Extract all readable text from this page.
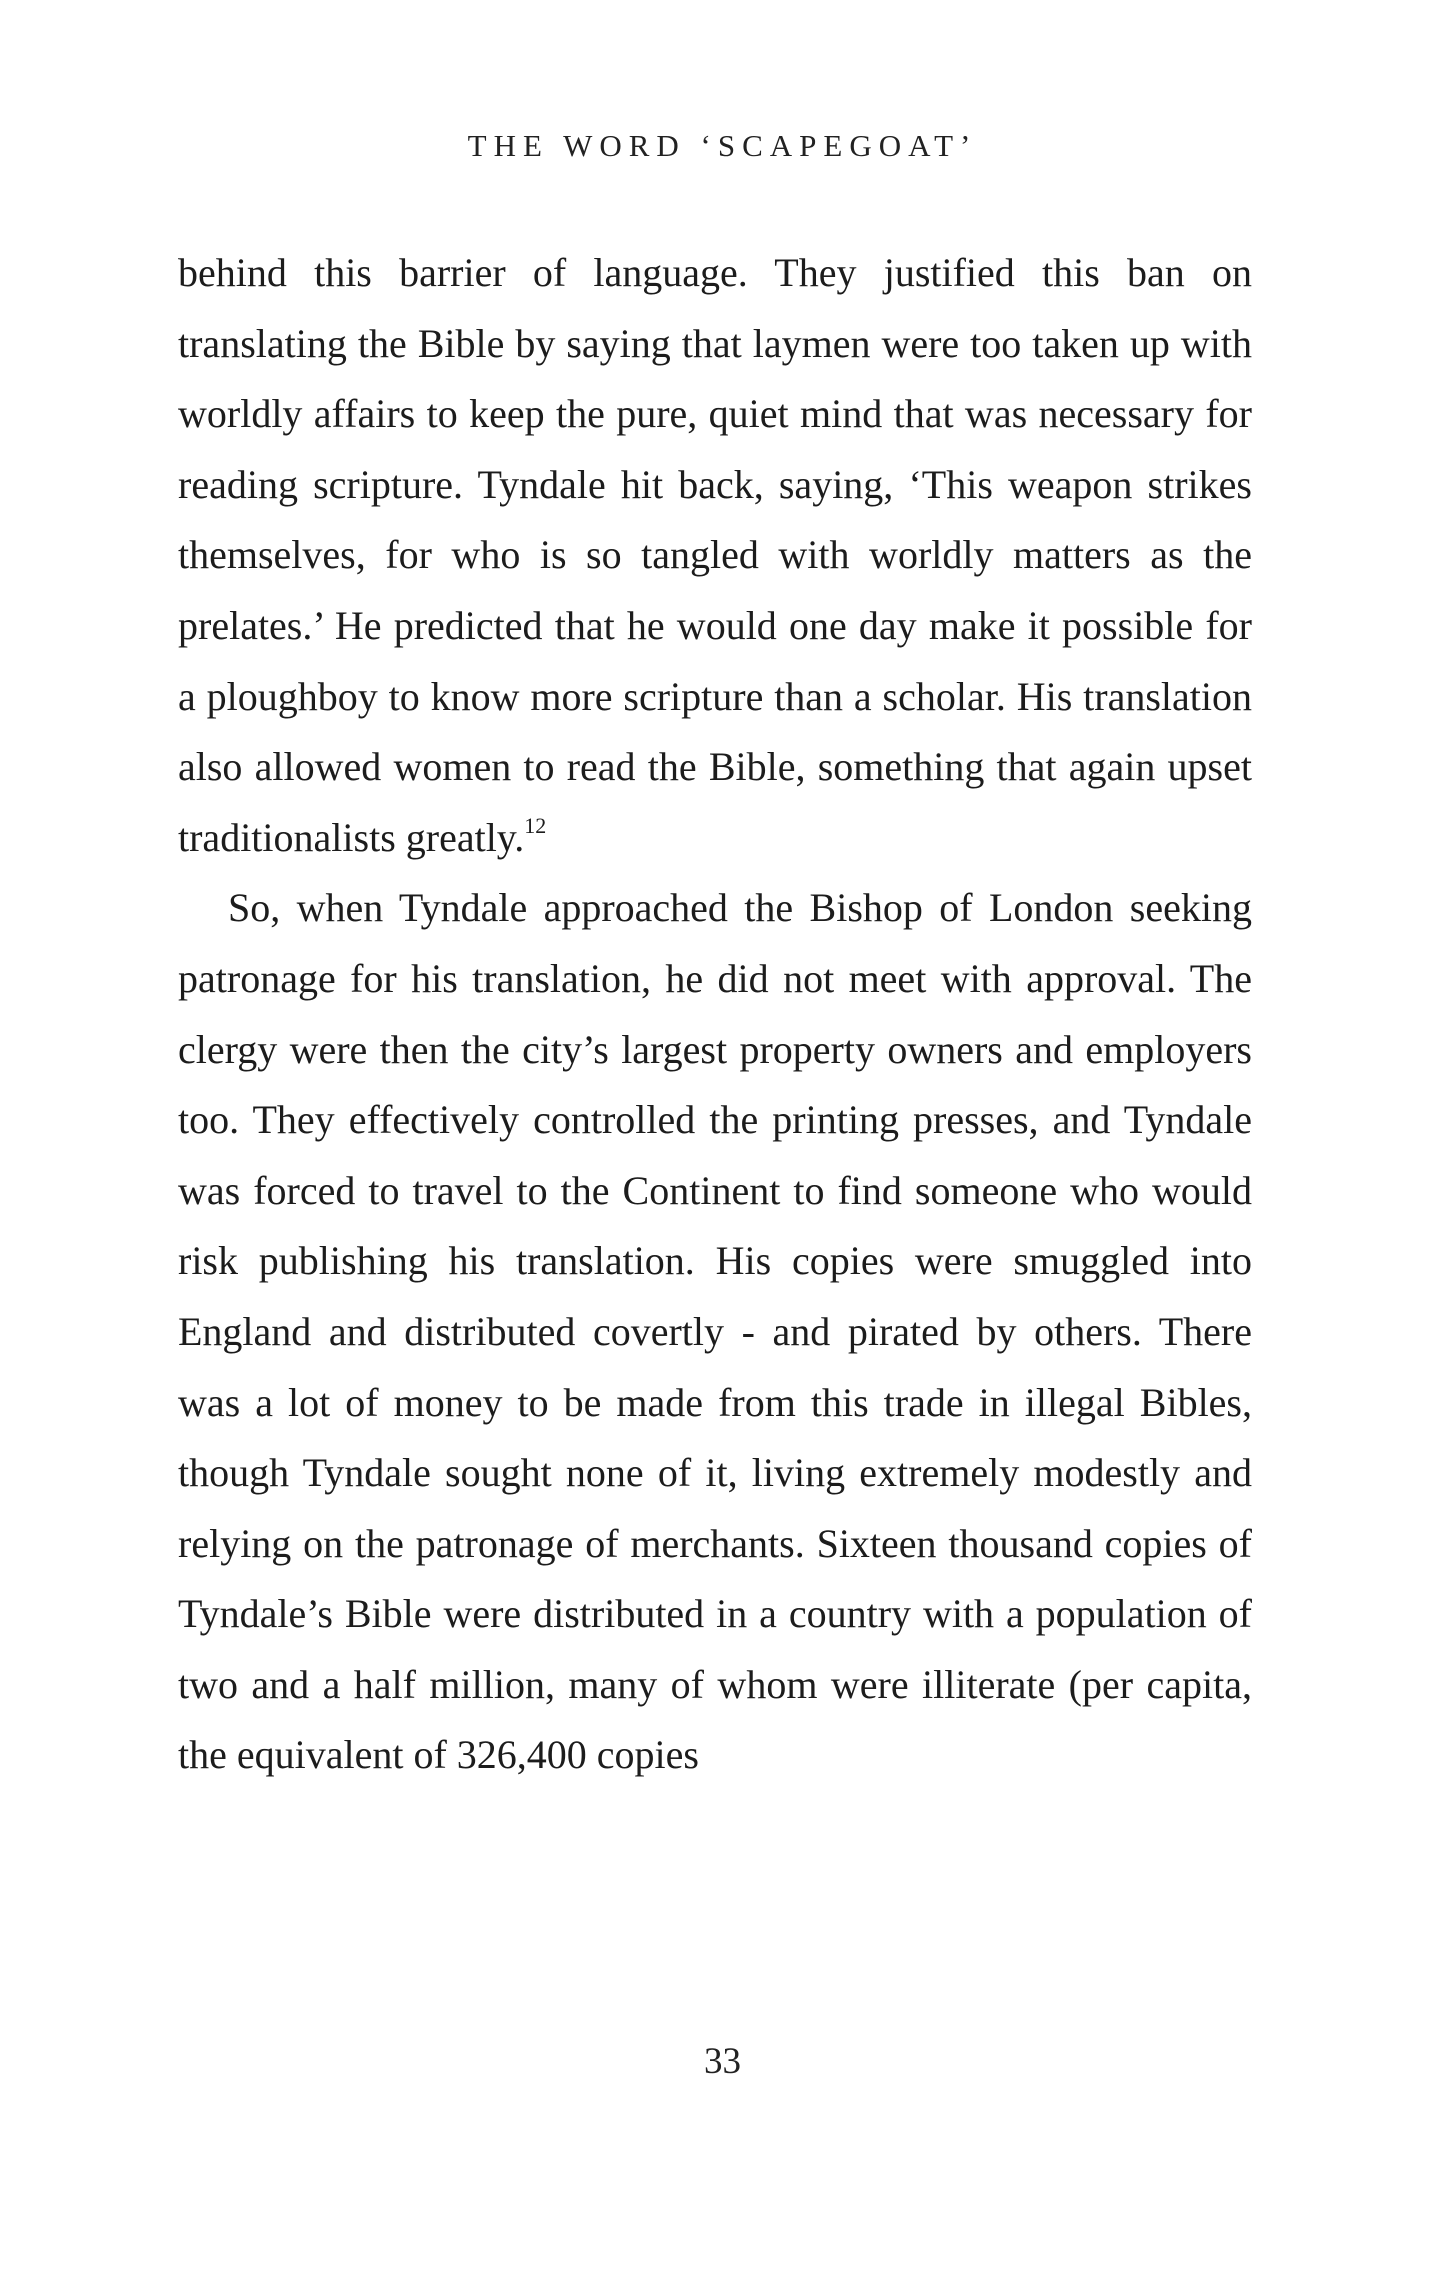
THE WORD ‘SCAPEGOAT’

behind this barrier of language. They justified this ban on translating the Bible by saying that laymen were too taken up with worldly affairs to keep the pure, quiet mind that was necessary for reading scripture. Tyndale hit back, saying, ‘This weapon strikes themselves, for who is so tangled with worldly matters as the prelates.’ He predicted that he would one day make it possible for a ploughboy to know more scripture than a scholar. His translation also allowed women to read the Bible, something that again upset traditionalists greatly.$^{12}$

So, when Tyndale approached the Bishop of London seeking patronage for his translation, he did not meet with approval. The clergy were then the city’s largest property owners and employers too. They effectively controlled the printing presses, and Tyndale was forced to travel to the Continent to find someone who would risk publishing his translation. His copies were smuggled into England and distributed covertly - and pirated by others. There was a lot of money to be made from this trade in illegal Bibles, though Tyndale sought none of it, living extremely modestly and relying on the patronage of merchants. Sixteen thousand copies of Tyndale’s Bible were distributed in a country with a population of two and a half million, many of whom were illiterate (per capita, the equivalent of 326,400 copies

33
